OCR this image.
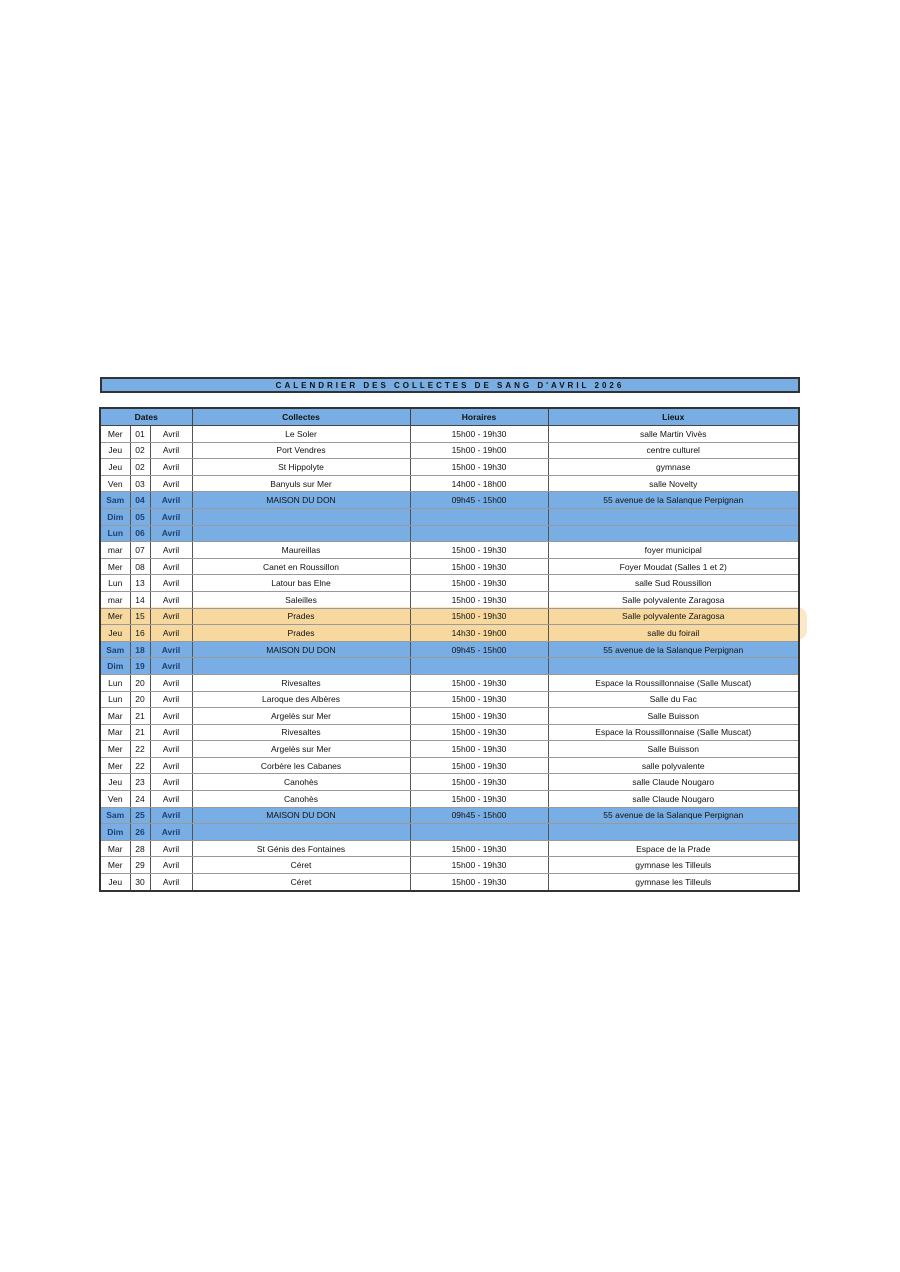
CALENDRIER DES COLLECTES DE SANG D'AVRIL 2026
Dates			Collectes	Horaires	Lieux
Mer	01	Avril	Le Soler	15h00 - 19h30	salle Martin Vivès
Jeu	02	Avril	Port Vendres	15h00 - 19h00	centre culturel
Jeu	02	Avril	St Hippolyte	15h00 - 19h30	gymnase
Ven	03	Avril	Banyuls sur Mer	14h00 - 18h00	salle Novelty
Sam	04	Avril	MAISON DU DON	09h45 - 15h00	55 avenue de la Salanque Perpignan
Dim	05	Avril			
Lun	06	Avril			
mar	07	Avril	Maureillas	15h00 - 19h30	foyer municipal
Mer	08	Avril	Canet en Roussillon	15h00 - 19h30	Foyer Moudat (Salles 1 et 2)
Lun	13	Avril	Latour bas Elne	15h00 - 19h30	salle Sud Roussillon
mar	14	Avril	Saleilles	15h00 - 19h30	Salle polyvalente Zaragosa
Mer	15	Avril	Prades	15h00 - 19h30	Salle polyvalente Zaragosa
Jeu	16	Avril	Prades	14h30 - 19h00	salle du foirail
Sam	18	Avril	MAISON DU DON	09h45 - 15h00	55 avenue de la Salanque Perpignan
Dim	19	Avril			
Lun	20	Avril	Rivesaltes	15h00 - 19h30	Espace la Roussillonnaise (Salle Muscat)
Lun	20	Avril	Laroque des Albères	15h00 - 19h30	Salle du Fac
Mar	21	Avril	Argelès sur Mer	15h00 - 19h30	Salle Buisson
Mar	21	Avril	Rivesaltes	15h00 - 19h30	Espace la Roussillonnaise (Salle Muscat)
Mer	22	Avril	Argelès sur Mer	15h00 - 19h30	Salle Buisson
Mer	22	Avril	Corbère les Cabanes	15h00 - 19h30	salle polyvalente
Jeu	23	Avril	Canohès	15h00 - 19h30	salle Claude Nougaro
Ven	24	Avril	Canohès	15h00 - 19h30	salle Claude Nougaro
Sam	25	Avril	MAISON DU DON	09h45 - 15h00	55 avenue de la Salanque Perpignan
Dim	26	Avril			
Mar	28	Avril	St Génis des Fontaines	15h00 - 19h30	Espace de la Prade
Mer	29	Avril	Céret	15h00 - 19h30	gymnase les Tilleuls
Jeu	30	Avril	Céret	15h00 - 19h30	gymnase les Tilleuls
